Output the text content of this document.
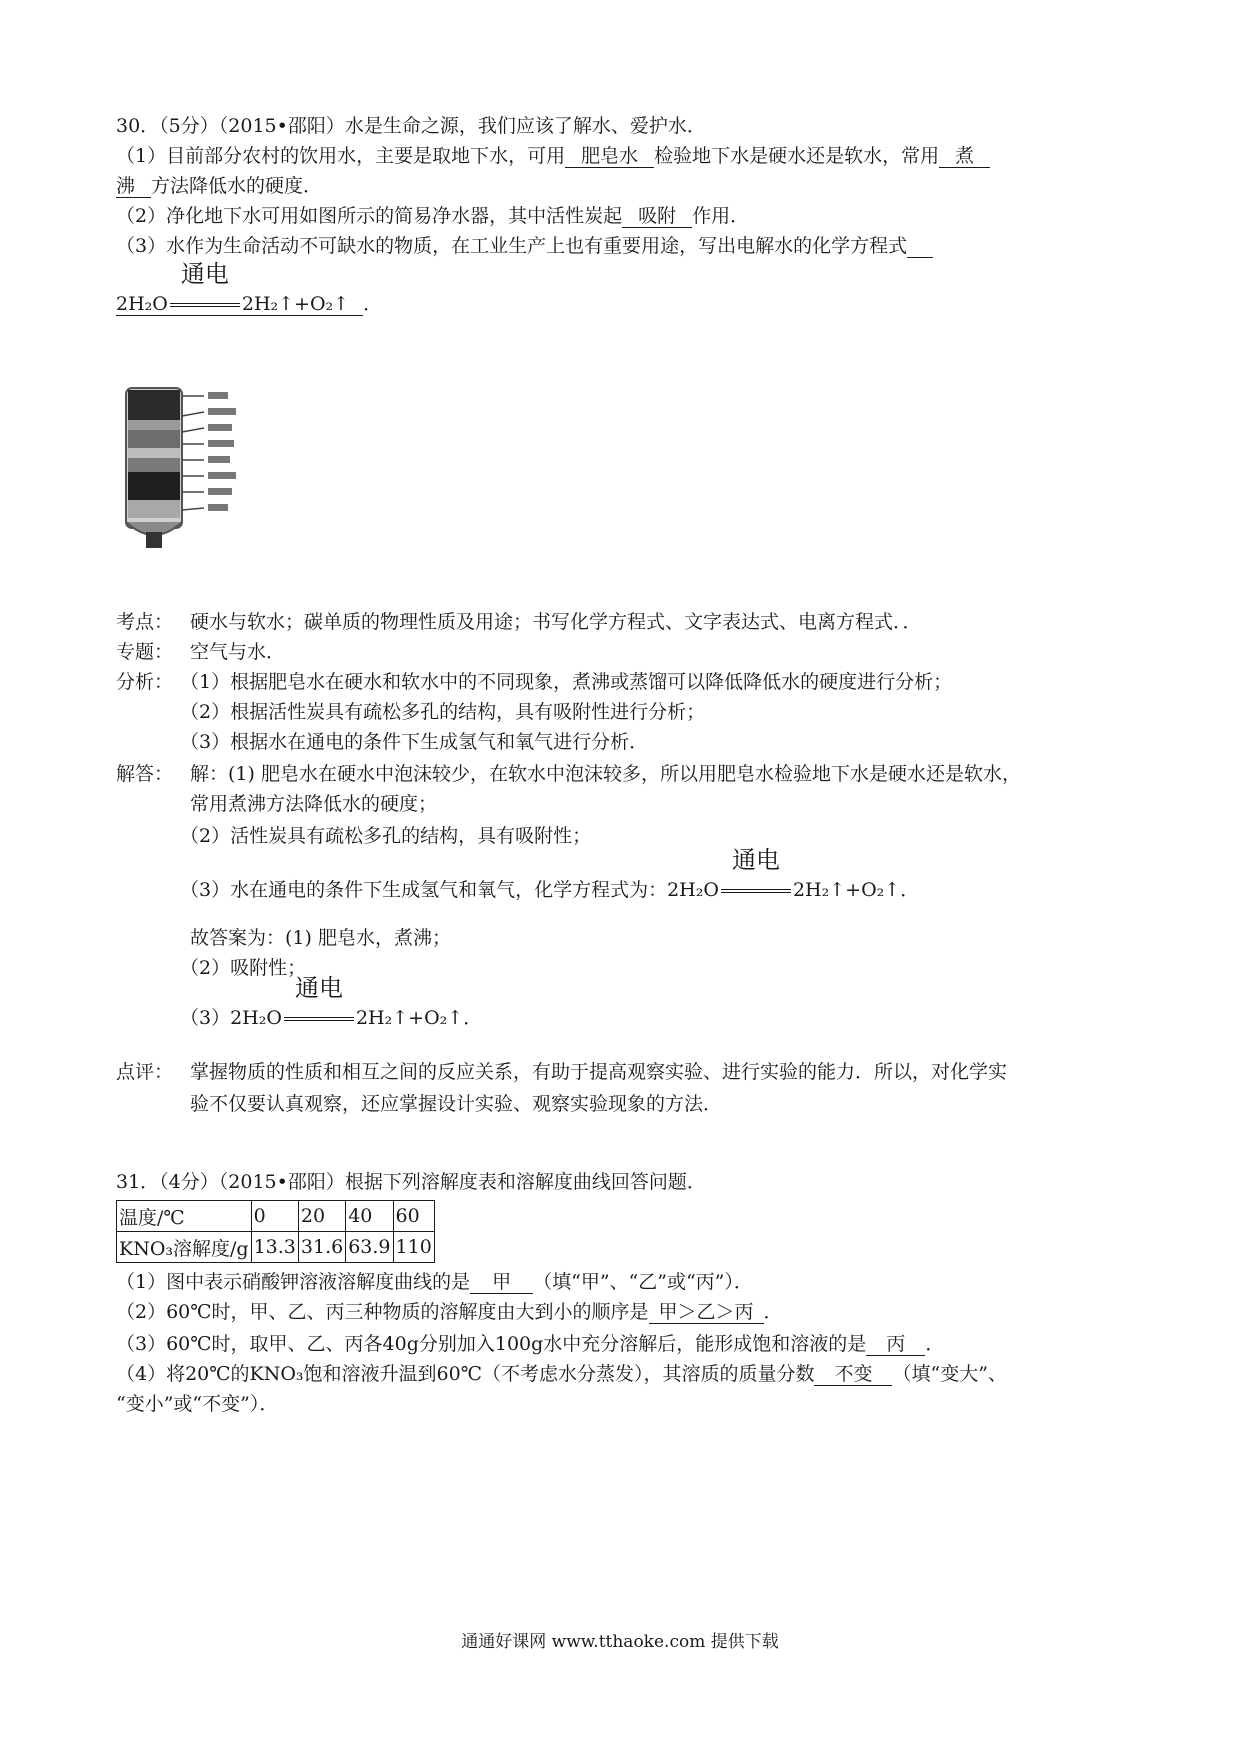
30．（5分）（2015•邵阳）水是生命之源，我们应该了解水、爱护水．
（1）目前部分农村的饮用水，主要是取地下水，可用 肥皂水 检验地下水是硬水还是软水，常用 煮
沸 方法降低水的硬度．
（2）净化地下水可用如图所示的简易净水器，其中活性炭起 吸附 作用．
（3）水作为生命活动不可缺水的物质，在工业生产上也有重要用途，写出电解水的化学方程式
2H₂O
通电
2H₂↑+O₂↑ ．
考点： 硬水与软水；碳单质的物理性质及用途；书写化学方程式、文字表达式、电离方程式．．
专题： 空气与水．
分析： （1）根据肥皂水在硬水和软水中的不同现象，煮沸或蒸馏可以降低降低水的硬度进行分析；
（2）根据活性炭具有疏松多孔的结构，具有吸附性进行分析；
（3）根据水在通电的条件下生成氢气和氧气进行分析．
解答： 解：(1) 肥皂水在硬水中泡沫较少，在软水中泡沫较多，所以用肥皂水检验地下水是硬水还是软水，
常用煮沸方法降低水的硬度；
（2）活性炭具有疏松多孔的结构，具有吸附性；
（3）水在通电的条件下生成氢气和氧气，化学方程式为：2H₂O
通电
2H₂↑+O₂↑．
故答案为：(1) 肥皂水，煮沸；
（2）吸附性；
（3）2H₂O
通电
2H₂↑+O₂↑．
点评： 掌握物质的性质和相互之间的反应关系，有助于提高观察实验、进行实验的能力．所以，对化学实
验不仅要认真观察，还应掌握设计实验、观察实验现象的方法．
31．（4分）（2015•邵阳）根据下列溶解度表和溶解度曲线回答问题．
温度/℃	0	20	40	60
KNO₃溶解度/g	13.3	31.6	63.9	110
（1）图中表示硝酸钾溶液溶解度曲线的是 甲 （填“甲”、“乙”或“丙”）．
（2）60℃时，甲、乙、丙三种物质的溶解度由大到小的顺序是 甲＞乙＞丙 ．
（3）60℃时，取甲、乙、丙各40g分别加入100g水中充分溶解后，能形成饱和溶液的是 丙 ．
（4）将20℃的KNO₃饱和溶液升温到60℃（不考虑水分蒸发），其溶质的质量分数 不变 （填“变大”、
“变小”或“不变”）．
通通好课网 www.tthaoke.com 提供下载
